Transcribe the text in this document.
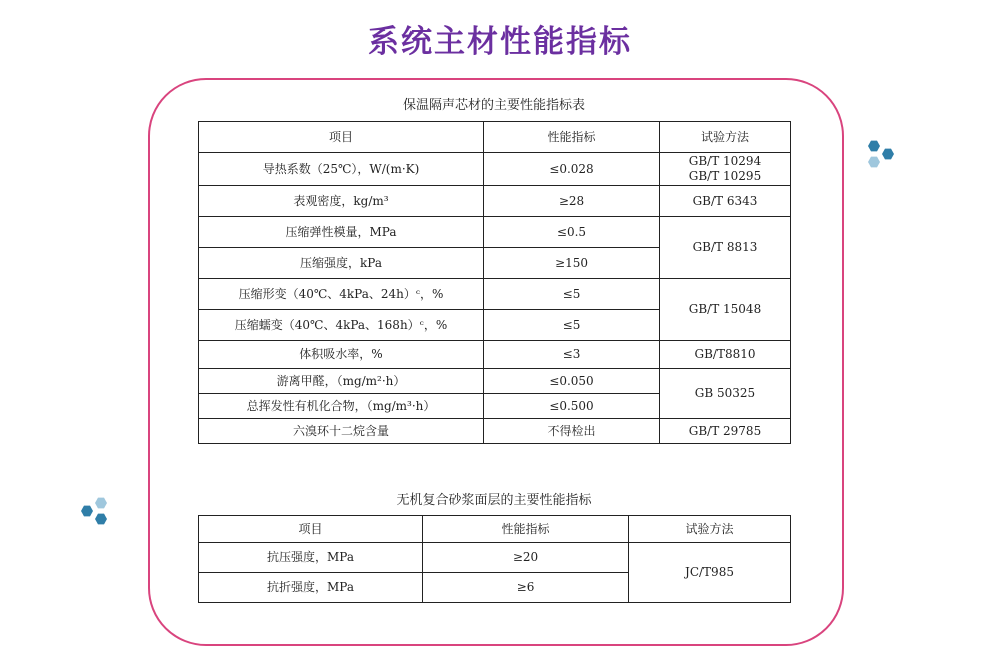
系统主材性能指标
保温隔声芯材的主要性能指标表
项目	性能指标	试验方法
导热系数（25℃），W/(m·K)	≤0.028	GB/T 10294
GB/T 10295

表观密度，kg/m³	≥28	GB/T 6343
压缩弹性模量，MPa	≤0.5	GB/T 8813
压缩强度，kPa	≥150	
压缩形变（40℃、4kPa、24h）ᶜ，%	≤5	GB/T 15048
压缩蠕变（40℃、4kPa、168h）ᶜ，%	≤5	
体积吸水率，%	≤3	GB/T8810
游离甲醛，（mg/m²·h）	≤0.050	GB 50325
总挥发性有机化合物，（mg/m³·h）	≤0.500	
六溴环十二烷含量	不得检出	GB/T 29785
无机复合砂浆面层的主要性能指标
项目	性能指标	试验方法
抗压强度，MPa	≥20	JC/T985
抗折强度，MPa	≥6	
